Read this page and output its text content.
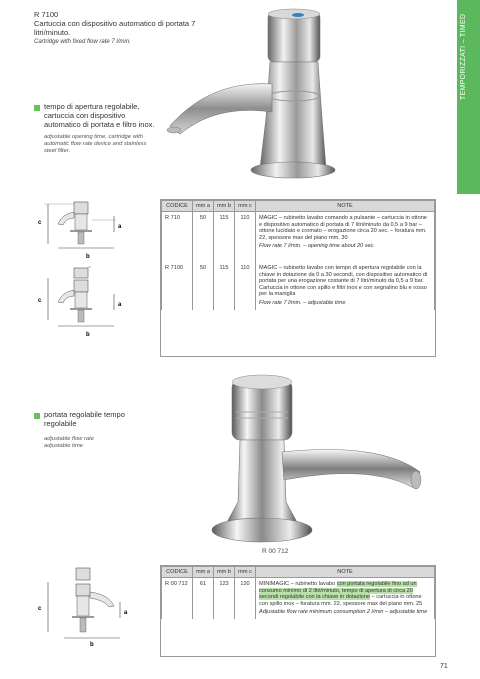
R 7100
Cartuccia con dispositivo automatico di portata 7 litri/minuto.
Cartridge with fixed flow rate 7 l/min.	TEMPORIZZATI – TIMED
tempo di apertura regolabile, cartuccia con dispositivo automatico di portata e filtro inox.
adjustable opening time, cartridge with automatic flow rate device and stainless steel filter.
c
a
b
c
a
b
CODICE	mm a	mm b	mm c	NOTE
R 710	50	115	110	MAGIC – rubinetto lavabo comando a pulsante – cartuccia in ottone e dispositivo automatico di portata di 7 litri/minuto da 0,5 a 9 bar – ottone lucidato e cromato – erogazione circa 20 sec. – foratura mm. 22, spessore max del piano mm. 30
Flow rate 7 l/min. – opening time about 20 sec.

R 7100	50	115	110	MAGIC – rubinetto lavabo con tempo di apertura regolabile con la chiave in dotazione da 0 a 30 secondi, con dispositivo automatico di portata per una erogazione costante di 7 litri/minuto da 0,5 a 9 bar. Cartuccia in ottone con spillo e filtri inox e con segnalino blu e rosso per la maniglia
Flow rate 7 l/min. – adjustable time
R 00 712
portata regolabile tempo regolabile
adjustable flow rate adjustable time
c
a
b
CODICE	mm a	mm b	mm c	NOTE
R 00 712	61	123	120	MINIMAGIC – rubinetto lavabo con portata regolabile fino ad un consumo minimo di 2 litri/minuto, tempo di apertura di circa 20 secondi regolabile con la chiave in dotazione – cartuccia in ottone con spillo inox – foratura mm. 22, spessore max del piano mm. 25
Adjustable flow rate minimum consumption 2 l/min – adjustable time
71
